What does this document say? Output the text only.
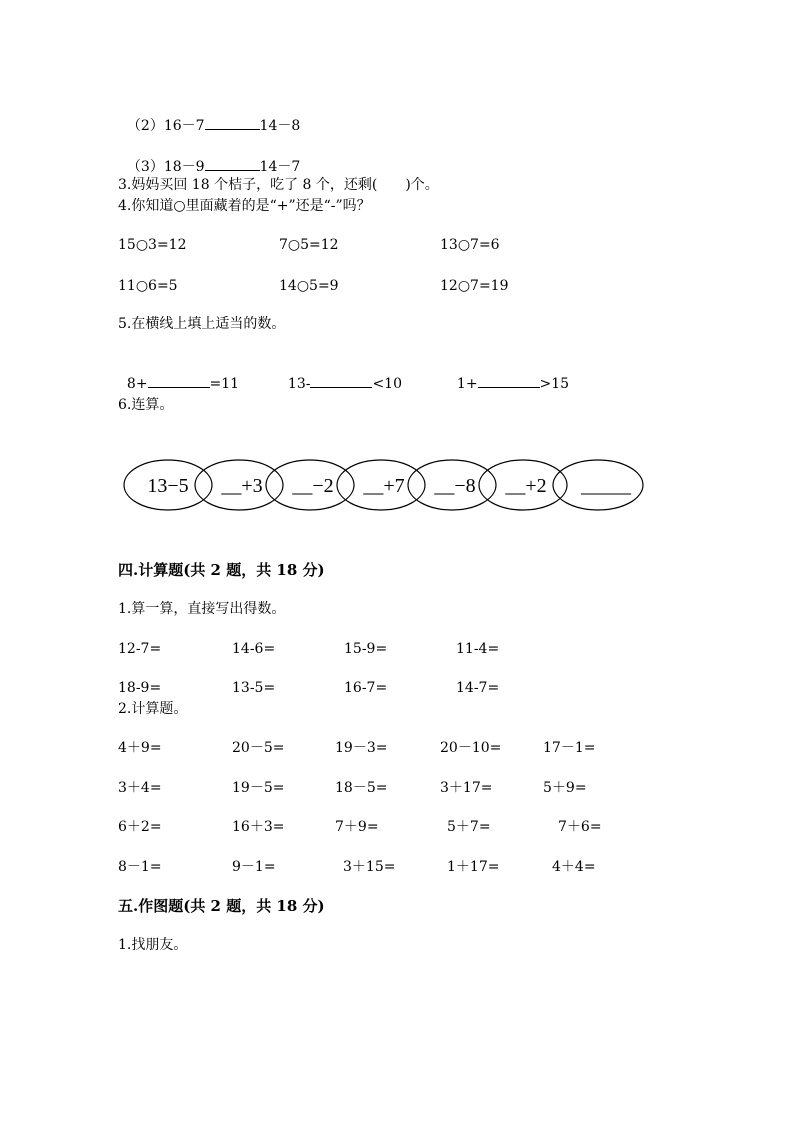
（2）16－7	14－8

（3）18－9	14－7

3.妈妈买回 18 个桔子，吃了 8 个，还剩(　　)个。
4.你知道○里面藏着的是“+”还是“-”吗？
15○3=12	7○5=12	13○7=6
11○6=5	14○5=9	12○7=19
5.在横线上填上适当的数。

8+	=11	13-	<10	1+	>15

6.连算。
13−5 __+3 __−2 __+7 __−8 __+2 _____
四.计算题(共 2 题，共 18 分)
1.算一算，直接写出得数。
12-7=	14-6=	15-9=	11-4=
18-9=	13-5=	16-7=	14-7=
2.计算题。
4＋9=	20－5=	19－3=	20－10=	17－1=
3＋4=	19－5=	18－5=	3＋17=	5＋9=
6＋2=	16＋3=	7＋9=	5＋7=	7＋6=
8－1=	9－1=	3＋15=	1＋17=	4＋4=
五.作图题(共 2 题，共 18 分)
1.找朋友。
